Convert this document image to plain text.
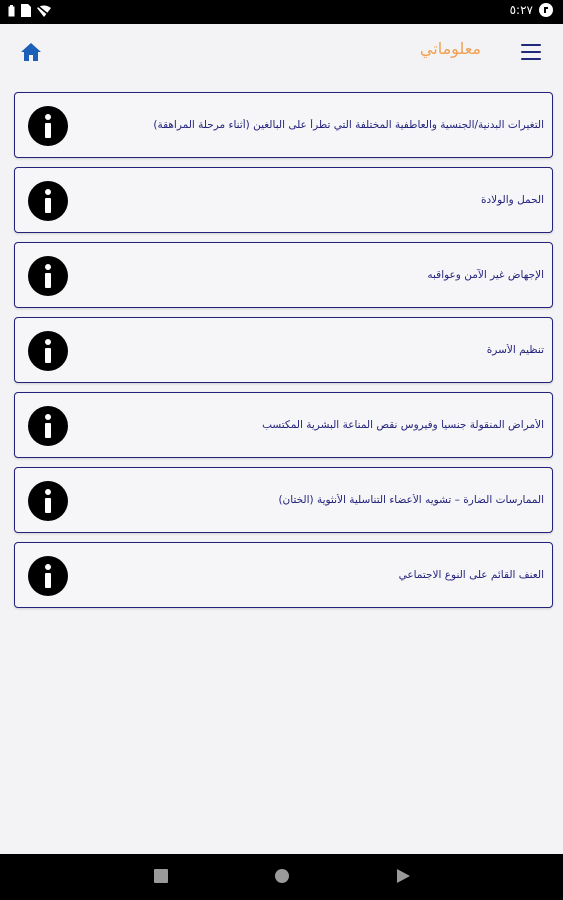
٥:٢٧
معلوماتي
التغيرات البدنية/الجنسية والعاطفية المختلفة التي تطرأ على البالغين (أثناء مرحلة المراهقة)
الحمل والولادة
الإجهاض غير الآمن وعواقبه
تنظيم الأسرة
الأمراض المنقولة جنسياً وفيروس نقص المناعة البشرية المكتسب
الممارسات الضارة – تشويه الأعضاء التناسلية الأنثوية (الختان)
العنف القائم على النوع الاجتماعي
